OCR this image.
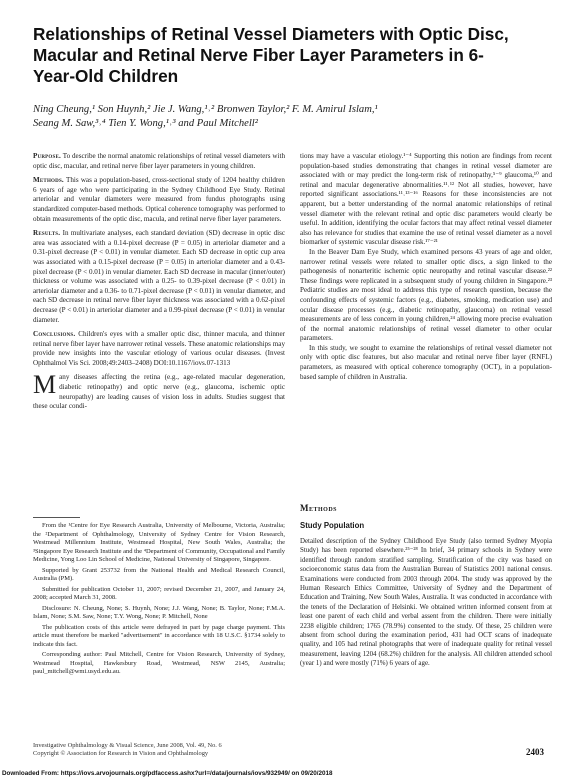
Relationships of Retinal Vessel Diameters with Optic Disc, Macular and Retinal Nerve Fiber Layer Parameters in 6-Year-Old Children
Ning Cheung,¹ Son Huynh,² Jie J. Wang,¹˒² Bronwen Taylor,² F. M. Amirul Islam,¹
Seang M. Saw,³˒⁴ Tien Y. Wong,¹˒³ and Paul Mitchell²

Purpose. To describe the normal anatomic relationships of retinal vessel diameters with optic disc, macular, and retinal nerve fiber layer parameters in young children.

Methods. This was a population-based, cross-sectional study of 1204 healthy children 6 years of age who were participating in the Sydney Childhood Eye Study. Retinal arteriolar and venular diameters were measured from fundus photographs using standardized computer-based methods. Optical coherence tomography was performed to obtain measurements of the optic disc, macula, and retinal nerve fiber layer parameters.

Results. In multivariate analyses, each standard deviation (SD) decrease in optic disc area was associated with a 0.14-pixel decrease (P = 0.05) in arteriolar diameter and a 0.31-pixel decrease (P < 0.01) in venular diameter. Each SD decrease in optic cup area was associated with a 0.15-pixel decrease (P = 0.05) in arteriolar diameter and a 0.43-pixel decrease (P < 0.01) in venular diameter. Each SD decrease in macular (inner/outer) thickness or volume was associated with a 0.25- to 0.39-pixel decrease (P < 0.01) in arteriolar diameter and a 0.36- to 0.71-pixel decrease (P < 0.01) in venular diameter, and each SD decrease in retinal nerve fiber layer thickness was associated with a 0.62-pixel decrease (P < 0.01) in arteriolar diameter and a 0.99-pixel decrease (P < 0.01) in venular diameter.

Conclusions. Children's eyes with a smaller optic disc, thinner macula, and thinner retinal nerve fiber layer have narrower retinal vessels. These anatomic relationships may provide new insights into the vascular etiology of various ocular diseases. (Invest Ophthalmol Vis Sci. 2008;49:2403–2408) DOI:10.1167/iovs.07-1313

Many diseases affecting the retina (e.g., age-related macular degeneration, diabetic retinopathy) and optic nerve (e.g., glaucoma, ischemic optic neuropathy) are leading causes of vision loss in adults. Studies suggest that these ocular condi-

tions may have a vascular etiology.¹⁻⁴ Supporting this notion are findings from recent population-based studies demonstrating that changes in retinal vessel diameter are associated with or may predict the long-term risk of retinopathy,⁵⁻⁹ glaucoma,¹⁰ and retinal and macular degenerative abnormalities.¹¹˒¹² Not all studies, however, have reported significant associations.¹¹˒¹³⁻¹⁶ Reasons for these inconsistencies are not apparent, but a better understanding of the normal anatomic relationships of retinal vessel diameter with the relevant retinal and optic disc parameters would clearly be useful. In addition, identifying the ocular factors that may affect retinal vessel diameter also has relevance for studies that examine the use of retinal vessel diameter as a novel biomarker of systemic vascular disease risk.¹⁷⁻²¹

In the Beaver Dam Eye Study, which examined persons 43 years of age and older, narrower retinal vessels were related to smaller optic discs, a sign linked to the pathogenesis of nonarteritic ischemic optic neuropathy and retinal vascular disease.²² These findings were replicated in a subsequent study of young children in Singapore.²³ Pediatric studies are most ideal to address this type of research question, because the confounding effects of systemic factors (e.g., diabetes, smoking, medication use) and ocular disease processes (e.g., diabetic retinopathy, glaucoma) on retinal vessel measurements are of less concern in young children,²⁴ allowing more precise evaluation of the normal anatomic relationships of retinal vessel diameter to other ocular parameters.

In this study, we sought to examine the relationships of retinal vessel diameter not only with optic disc features, but also macular and retinal nerve fiber layer (RNFL) parameters, as measured with optical coherence tomography (OCT), in a population-based sample of children in Australia.

Methods
Study Population

Detailed description of the Sydney Childhood Eye Study (also termed Sydney Myopia Study) has been reported elsewhere.²⁵⁻²⁸ In brief, 34 primary schools in Sydney were identified through random stratified sampling. Stratification of the city was based on socioeconomic status data from the Australian Bureau of Statistics 2001 national census. Examinations were conducted from 2003 through 2004. The study was approved by the Human Research Ethics Committee, University of Sydney and the Department of Education and Training, New South Wales, Australia. It was conducted in accordance with the tenets of the Declaration of Helsinki. We obtained written informed consent from at least one parent of each child and verbal assent from the children. There were initially 2238 eligible children; 1765 (78.9%) consented to the study. Of these, 25 children were absent from school during the examination period, 431 had OCT scans of inadequate quality, and 105 had retinal photographs that were of inadequate quality for retinal vessel measurement, leaving 1204 (68.2%) children for the analysis. All children attended school (year 1) and were mostly (71%) 6 years of age.

From the ¹Centre for Eye Research Australia, University of Melbourne, Victoria, Australia; the ²Department of Ophthalmology, University of Sydney Centre for Vision Research, Westmead Millennium Institute, Westmead Hospital, New South Wales, Australia; the ³Singapore Eye Research Institute and the ⁴Department of Community, Occupational and Family Medicine, Yong Loo Lin School of Medicine, National University of Singapore, Singapore.

Supported by Grant 253732 from the National Health and Medical Research Council, Australia (PM).

Submitted for publication October 11, 2007; revised December 21, 2007, and January 24, 2008; accepted March 31, 2008.

Disclosure: N. Cheung, None; S. Huynh, None; J.J. Wang, None; B. Taylor, None; F.M.A. Islam, None; S.M. Saw, None; T.Y. Wong, None; P. Mitchell, None

The publication costs of this article were defrayed in part by page charge payment. This article must therefore be marked "advertisement" in accordance with 18 U.S.C. §1734 solely to indicate this fact.

Corresponding author: Paul Mitchell, Centre for Vision Research, University of Sydney, Westmead Hospital, Hawkesbury Road, Westmead, NSW 2145, Australia; paul_mitchell@wmi.usyd.edu.au.

Investigative Ophthalmology & Visual Science, June 2008, Vol. 49, No. 6
Copyright © Association for Research in Vision and Ophthalmology	2403
Downloaded From: https://iovs.arvojournals.org/pdfaccess.ashx?url=/data/journals/iovs/932949/ on 09/20/2018
